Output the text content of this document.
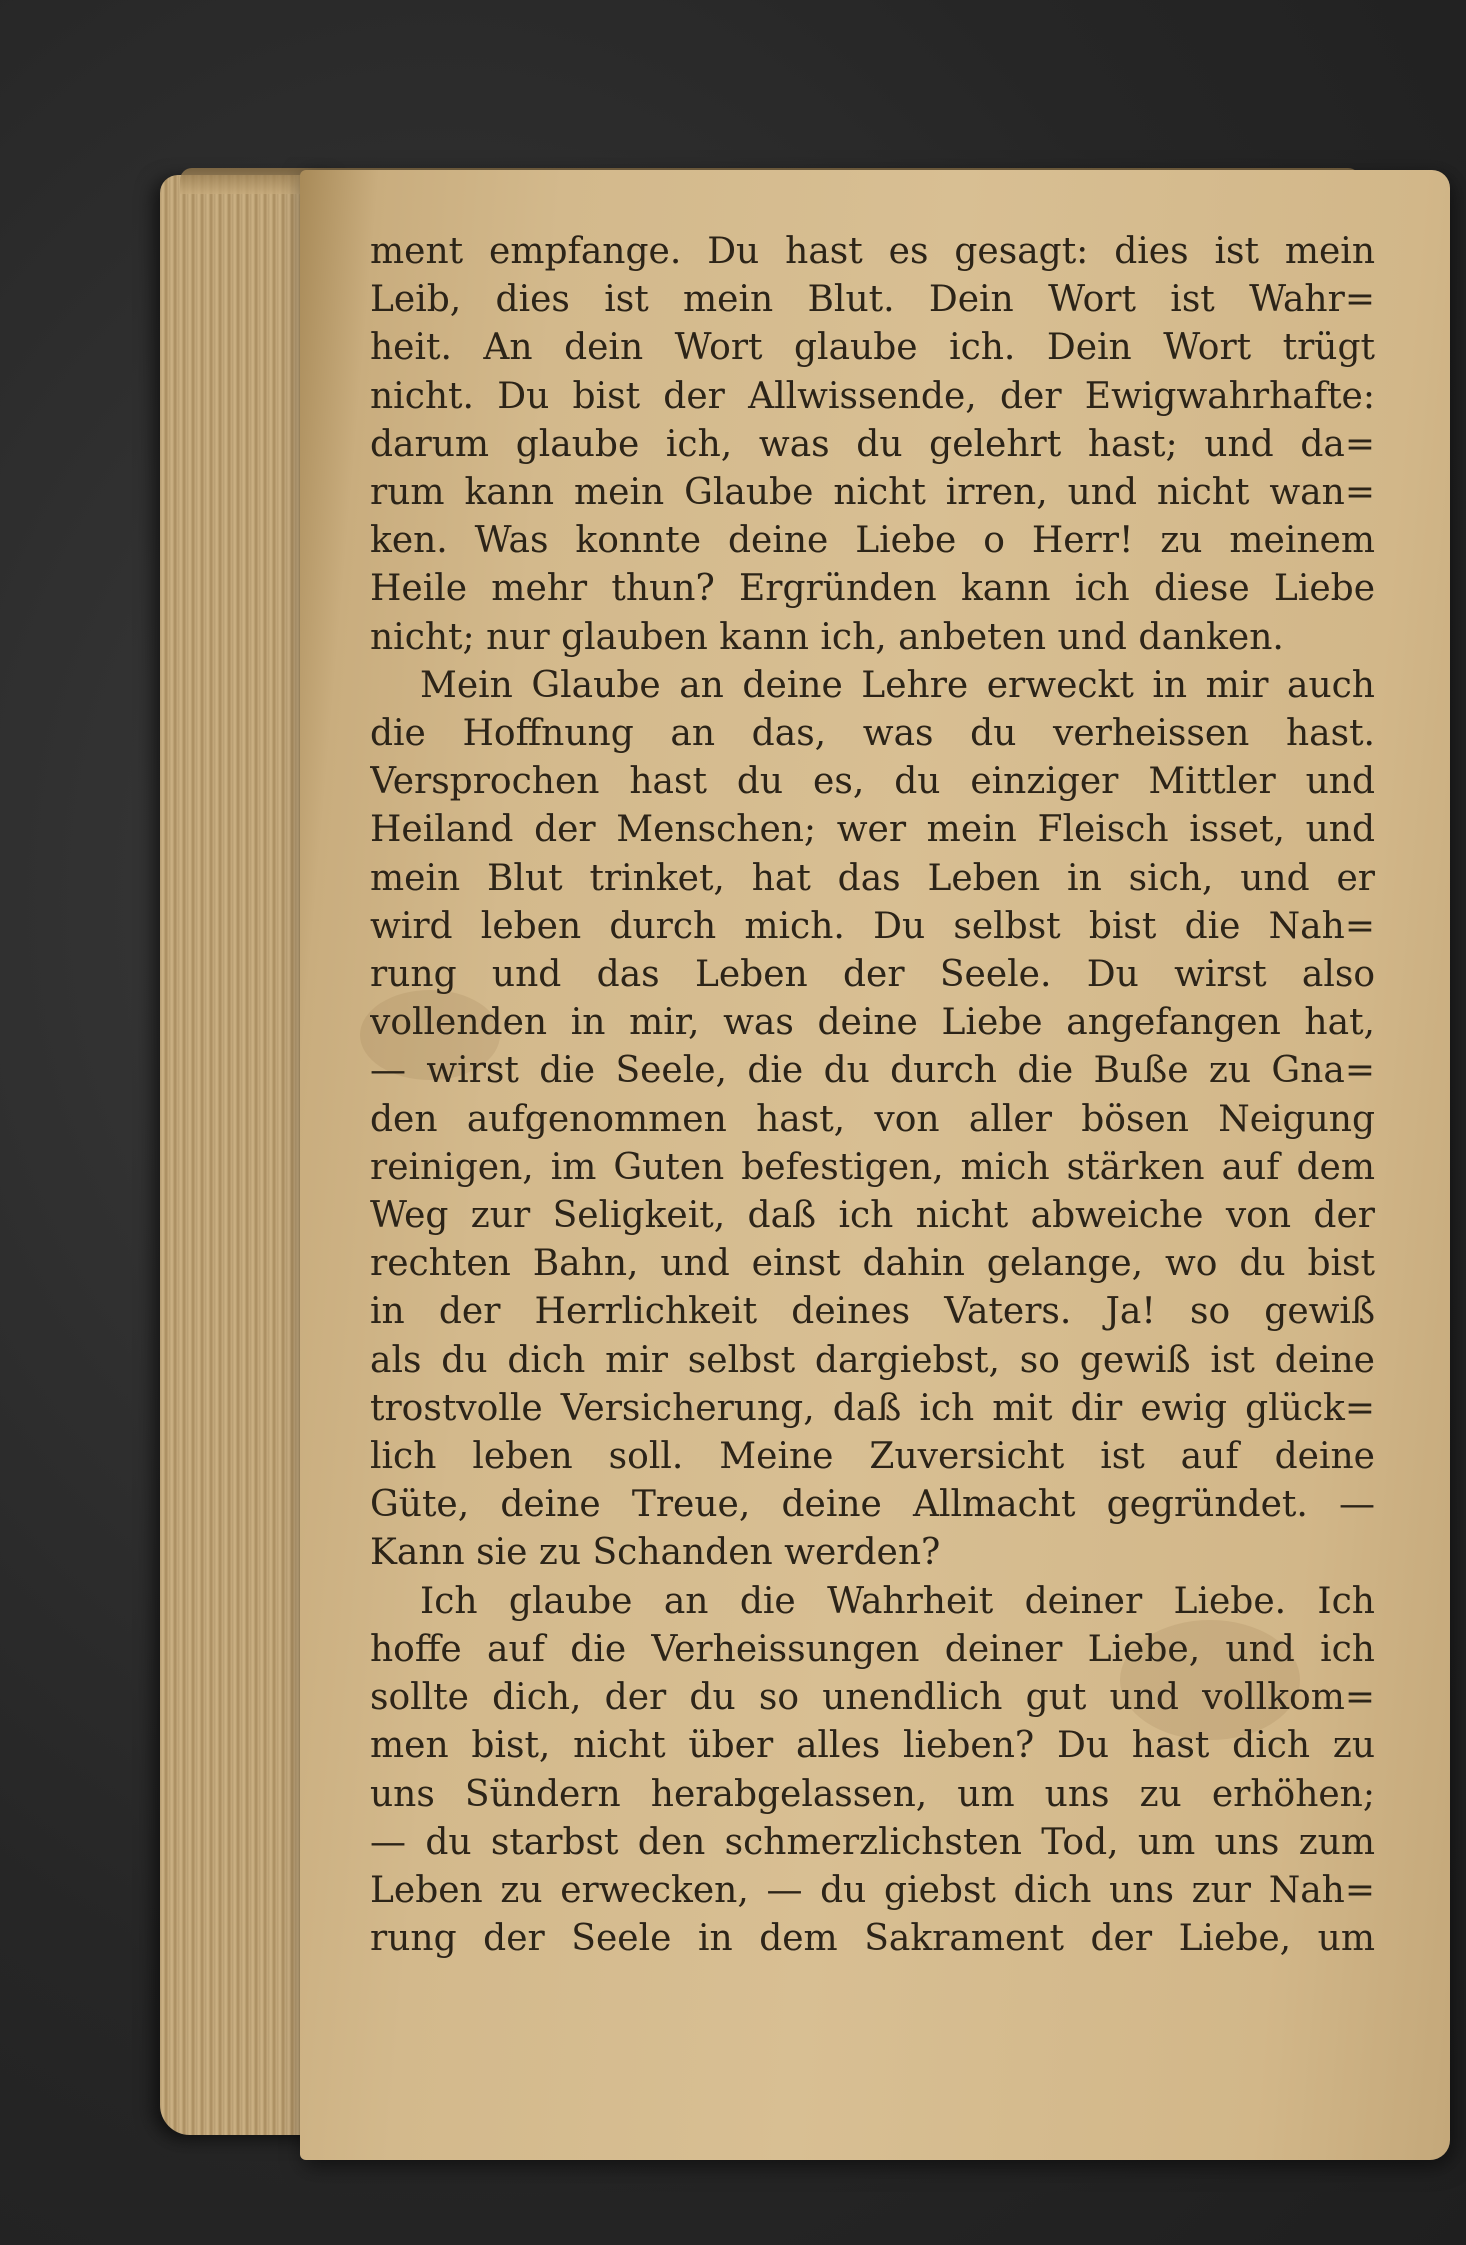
ment empfange. Du hast es gesagt: dies ist mein

Leib, dies ist mein Blut. Dein Wort ist Wahr=

heit. An dein Wort glaube ich. Dein Wort trügt

nicht. Du bist der Allwissende, der Ewigwahrhafte:

darum glaube ich, was du gelehrt hast; und da=

rum kann mein Glaube nicht irren, und nicht wan=

ken. Was konnte deine Liebe o Herr! zu meinem

Heile mehr thun? Ergründen kann ich diese Liebe

nicht; nur glauben kann ich, anbeten und danken.

Mein Glaube an deine Lehre erweckt in mir auch

die Hoffnung an das, was du verheissen hast.

Versprochen hast du es, du einziger Mittler und

Heiland der Menschen; wer mein Fleisch isset, und

mein Blut trinket, hat das Leben in sich, und er

wird leben durch mich. Du selbst bist die Nah=

rung und das Leben der Seele. Du wirst also

vollenden in mir, was deine Liebe angefangen hat,

— wirst die Seele, die du durch die Buße zu Gna=

den aufgenommen hast, von aller bösen Neigung

reinigen, im Guten befestigen, mich stärken auf dem

Weg zur Seligkeit, daß ich nicht abweiche von der

rechten Bahn, und einst dahin gelange, wo du bist

in der Herrlichkeit deines Vaters. Ja! so gewiß

als du dich mir selbst dargiebst, so gewiß ist deine

trostvolle Versicherung, daß ich mit dir ewig glück=

lich leben soll. Meine Zuversicht ist auf deine

Güte, deine Treue, deine Allmacht gegründet. —

Kann sie zu Schanden werden?

Ich glaube an die Wahrheit deiner Liebe. Ich

hoffe auf die Verheissungen deiner Liebe, und ich

sollte dich, der du so unendlich gut und vollkom=

men bist, nicht über alles lieben? Du hast dich zu

uns Sündern herabgelassen, um uns zu erhöhen;

— du starbst den schmerzlichsten Tod, um uns zum

Leben zu erwecken, — du giebst dich uns zur Nah=

rung der Seele in dem Sakrament der Liebe, um
